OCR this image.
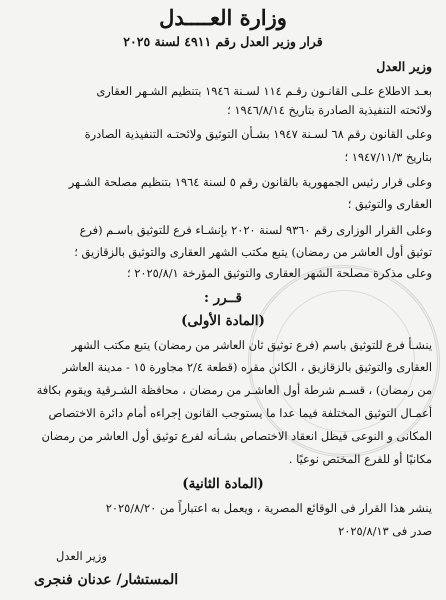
وزارة العــــدل
قرار وزير العدل رقم ٤٩١١ لسنة ٢٠٢٥
وزير العدل
بعـد الاطلاع علـى القانـون رقـم ١١٤ لسـنة ١٩٤٦ بتنظيم الشـهر العقارى
ولائحته التنفيذية الصادرة بتاريخ ١٩٤٦/٨/١٤ ؛
وعلى القانون رقم ٦٨ لسـنة ١٩٤٧ بشـأن التوثيق ولائحتـه التنفيذية الصادرة
بتاريخ ١٩٤٧/١١/٣ ؛
وعلى قرار رئيس الجمهورية بالقانون رقم ٥ لسنة ١٩٦٤ بتنظيم مصلحة الشـهر
العقارى والتوثيق ؛
وعلى القرار الوزارى رقم ٩٣٦٠ لسنة ٢٠٢٠ بإنشـاء فرع للتوثيق باسـم (فرع
توثيق أول العاشر من رمضان) يتبع مكتب الشهر العقارى والتوثيق بالزقازيق ؛
وعلى مذكرة مصلحة الشهر العقارى والتوثيق المؤرخة ٢٠٢٥/٨/١ ؛
قــرر :
(المادة الأولى)
ينشـأ فرع للتوثيق باسم (فرع توثيق ثان العاشر من رمضان) يتبع مكتب الشهر
العقارى والتوثيق بالزقازيق ، الكائن مقره (قطعة ٢/٤ مجاورة ١٥ - مدينة العاشر
من رمضان) ، قسـم شرطة أول العاشـر من رمضان ، محافظة الشـرقية ويقوم بكافة
أعمـال التوثيق المختلفة فيما عدا ما يستوجب القانون إجراءه أمام دائرة الاختصاص
المكانى و النوعى فيظل انعقاد الاختصاص بشـأنه لفرع توثيق أول العاشر من رمضان
مكانيًا أو للفرع المختص نوعيًا .
(المادة الثانية)
ينشر هذا القرار فى الوقائع المصرية ، ويعمل به اعتباراً من ٢٠٢٥/٨/٢٠
صدر فى ٢٠٢٥/٨/١٣
وزير العدل
المستشار/ عدنان فنجرى
